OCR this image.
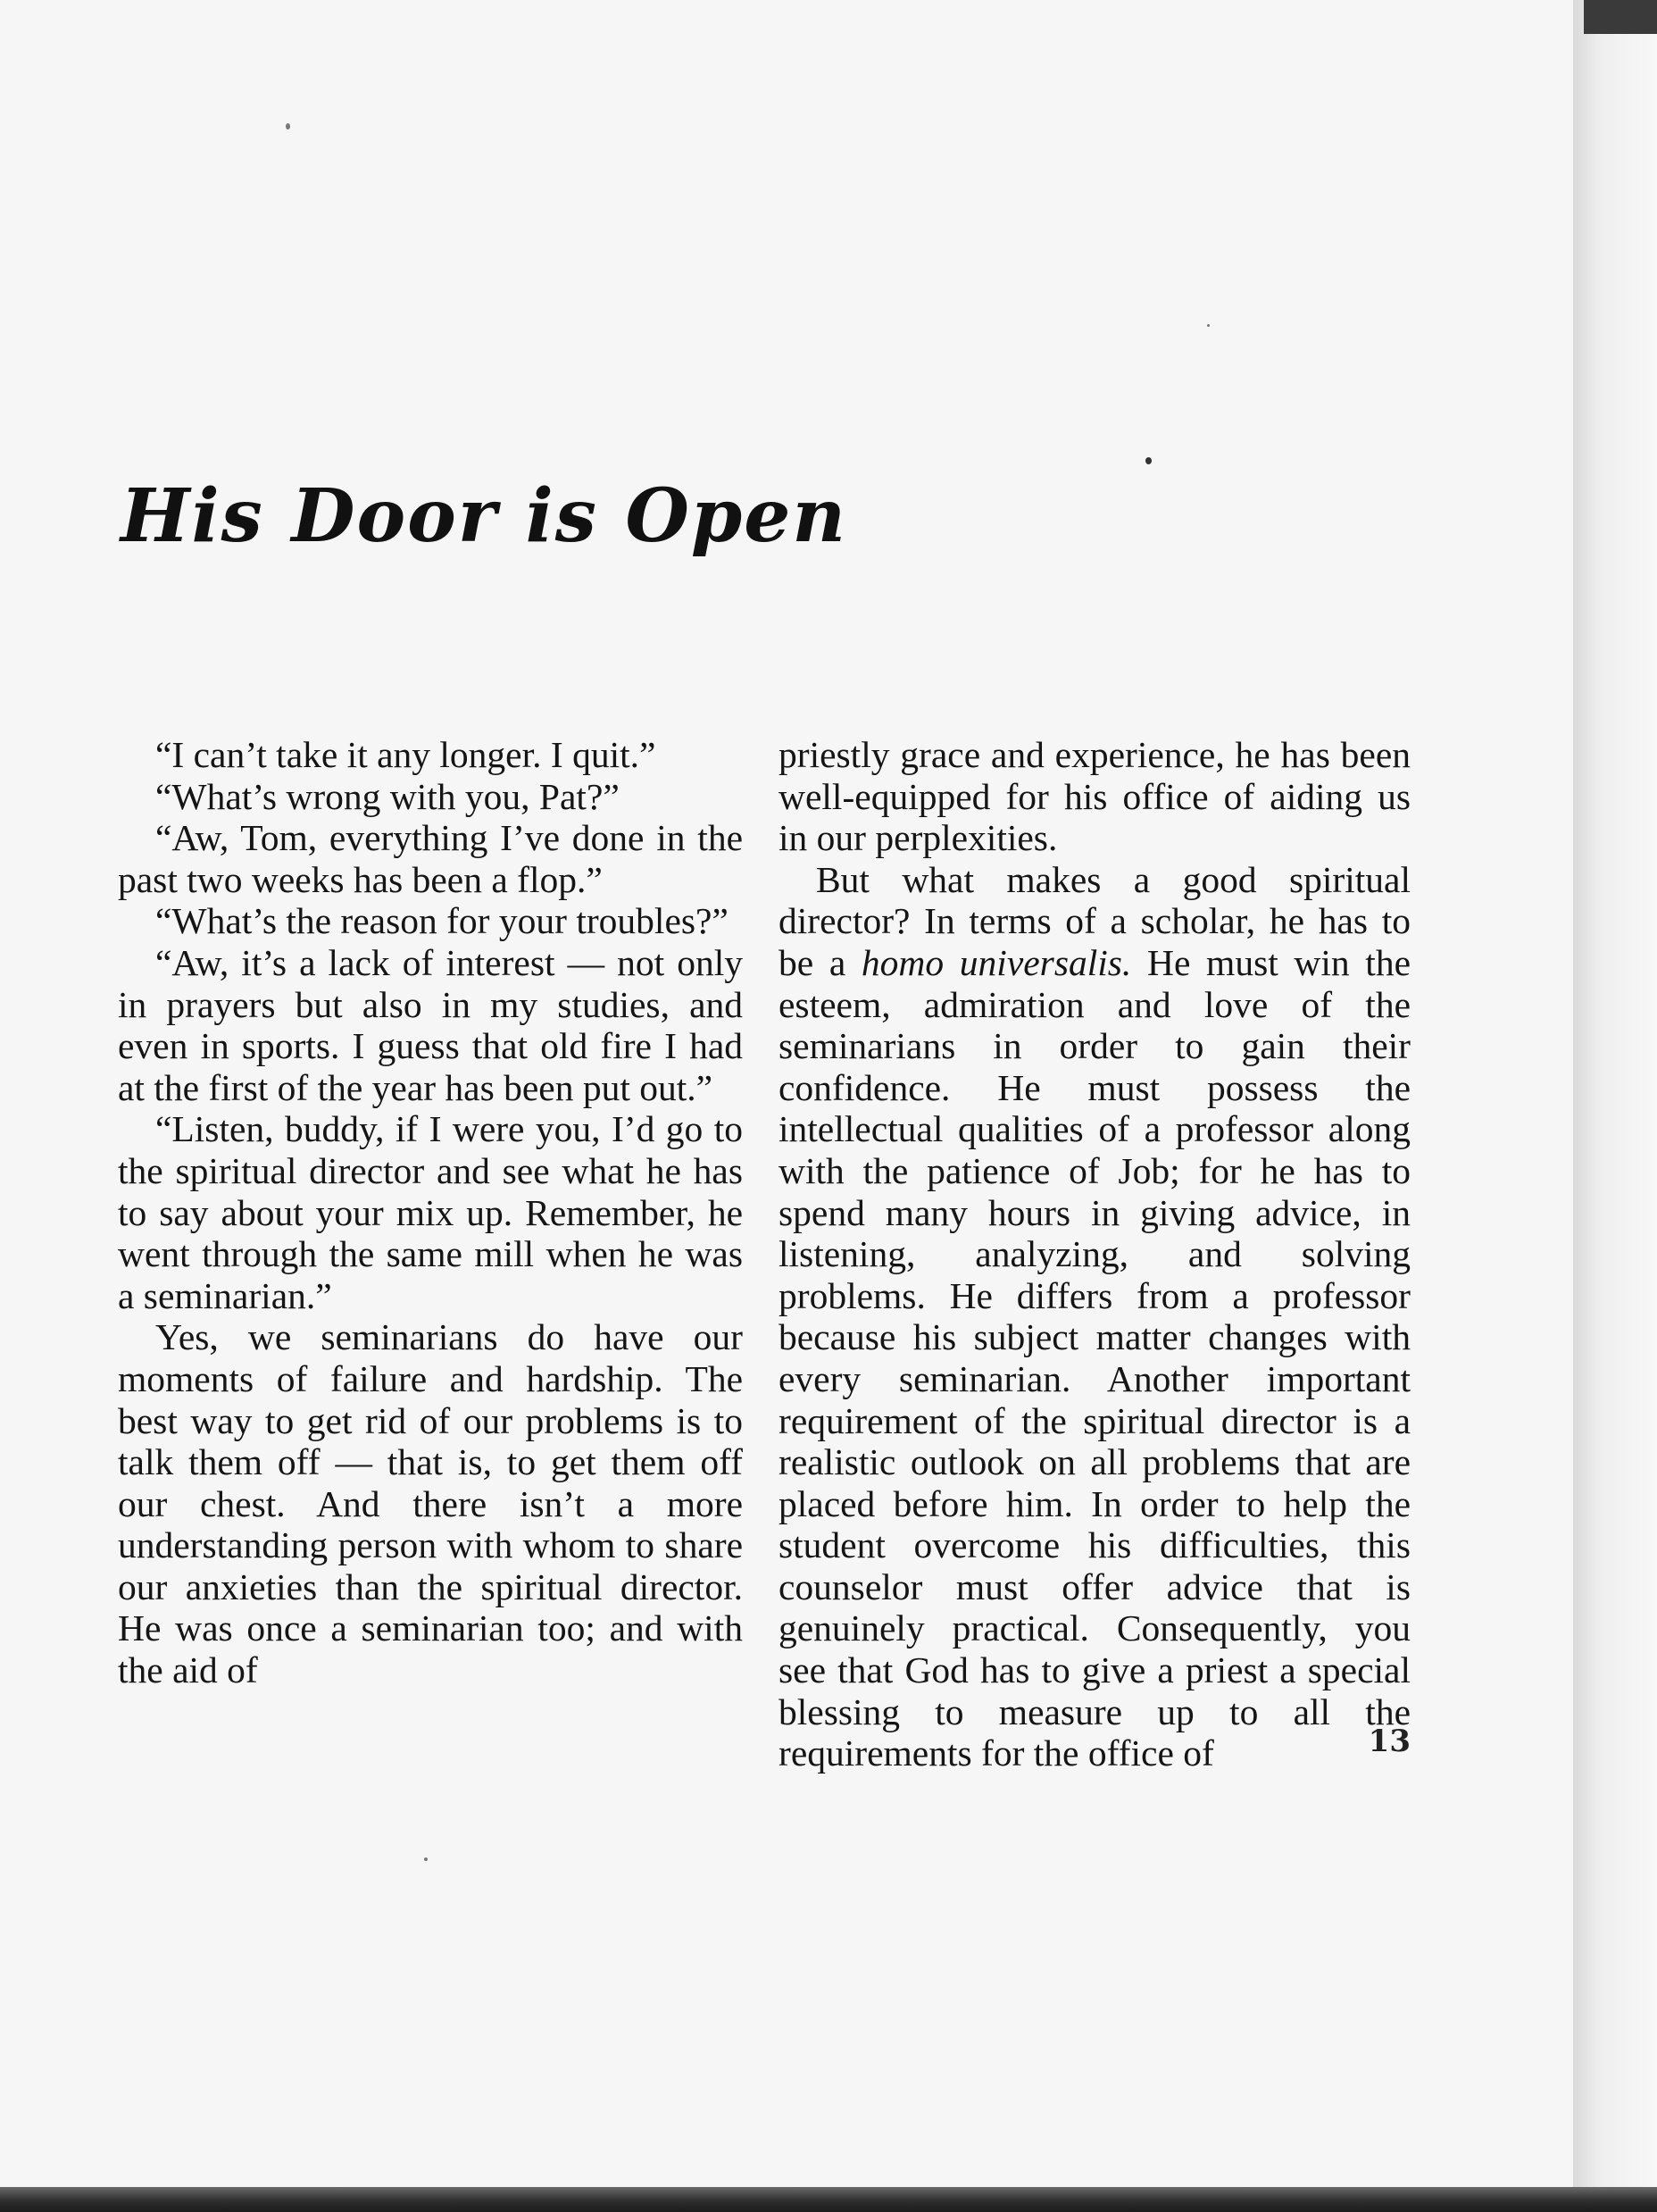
His Door is Open

“I can’t take it any longer. I quit.”

“What’s wrong with you, Pat?”

“Aw, Tom, everything I’ve done in the past two weeks has been a flop.”

“What’s the reason for your troubles?”

“Aw, it’s a lack of interest — not only in prayers but also in my studies, and even in sports. I guess that old fire I had at the first of the year has been put out.”

“Listen, buddy, if I were you, I’d go to the spiritual director and see what he has to say about your mix up. Remember, he went through the same mill when he was a seminarian.”

Yes, we seminarians do have our moments of failure and hardship. The best way to get rid of our problems is to talk them off — that is, to get them off our chest. And there isn’t a more understanding person with whom to share our anxieties than the spiritual director. He was once a seminarian too; and with the aid of

priestly grace and experience, he has been well-equipped for his office of aiding us in our perplexities.

But what makes a good spiritual director? In terms of a scholar, he has to be a homo universalis. He must win the esteem, admiration and love of the seminarians in order to gain their confidence. He must possess the intellectual qualities of a professor along with the patience of Job; for he has to spend many hours in giving advice, in listening, analyzing, and solving problems. He differs from a professor because his subject matter changes with every seminarian. Another important requirement of the spiritual director is a realistic outlook on all problems that are placed before him. In order to help the student overcome his difficulties, this counselor must offer advice that is genuinely practical. Consequently, you see that God has to give a priest a special blessing to measure up to all the requirements for the office of	13
